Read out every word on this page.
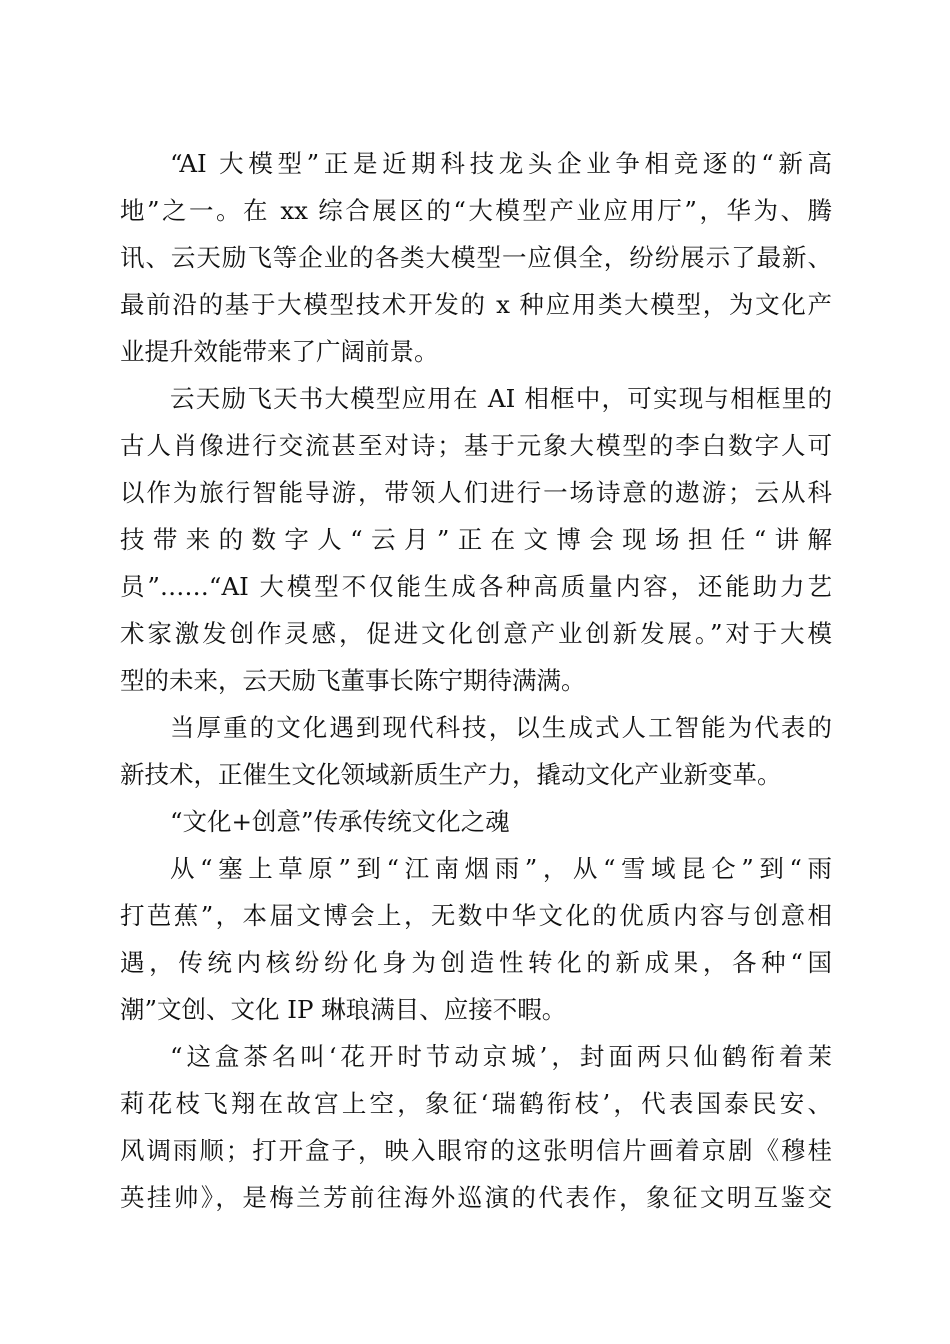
“AI 大模型”正是近期科技龙头企业争相竞逐的“新高
地”之一。在 xx 综合展区的“大模型产业应用厅”，华为、腾
讯、云天励飞等企业的各类大模型一应俱全，纷纷展示了最新、
最前沿的基于大模型技术开发的 x 种应用类大模型，为文化产
业提升效能带来了广阔前景。
云天励飞天书大模型应用在 AI 相框中，可实现与相框里的
古人肖像进行交流甚至对诗；基于元象大模型的李白数字人可
以作为旅行智能导游，带领人们进行一场诗意的遨游；云从科
技带来的数字人“云月”正在文博会现场担任“讲解
员”……“AI 大模型不仅能生成各种高质量内容，还能助力艺
术家激发创作灵感，促进文化创意产业创新发展。”对于大模
型的未来，云天励飞董事长陈宁期待满满。
当厚重的文化遇到现代科技，以生成式人工智能为代表的
新技术，正催生文化领域新质生产力，撬动文化产业新变革。
“文化+创意”传承传统文化之魂
从“塞上草原”到“江南烟雨”，从“雪域昆仑”到“雨
打芭蕉”，本届文博会上，无数中华文化的优质内容与创意相
遇，传统内核纷纷化身为创造性转化的新成果，各种“国
潮”文创、文化 IP 琳琅满目、应接不暇。
“这盒茶名叫‘花开时节动京城’，封面两只仙鹤衔着茉
莉花枝飞翔在故宫上空，象征‘瑞鹤衔枝’，代表国泰民安、
风调雨顺；打开盒子，映入眼帘的这张明信片画着京剧《穆桂
英挂帅》，是梅兰芳前往海外巡演的代表作，象征文明互鉴交
